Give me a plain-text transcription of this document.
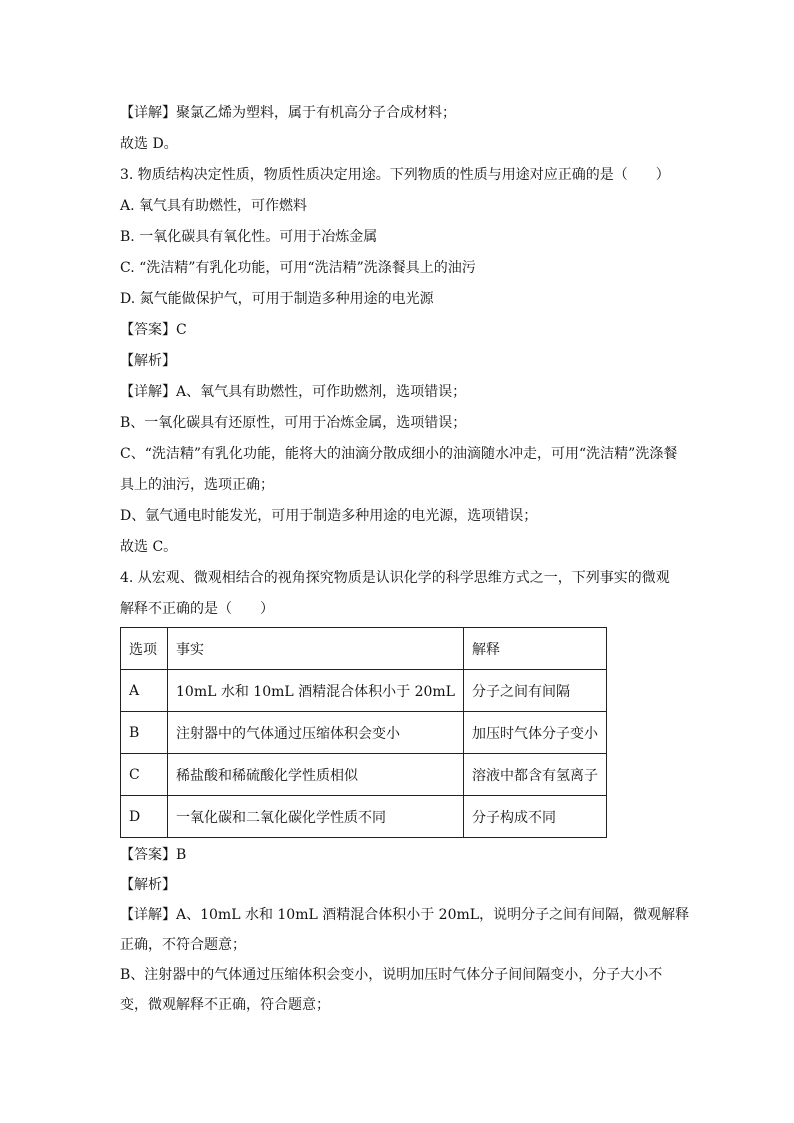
【详解】聚氯乙烯为塑料，属于有机高分子合成材料；
故选 D。
3. 物质结构决定性质，物质性质决定用途。下列物质的性质与用途对应正确的是（　　）
A. 氧气具有助燃性，可作燃料
B. 一氧化碳具有氧化性。可用于冶炼金属
C. “洗洁精”有乳化功能，可用“洗洁精”洗涤餐具上的油污
D. 氮气能做保护气，可用于制造多种用途的电光源
【答案】C
【解析】
【详解】A、氧气具有助燃性，可作助燃剂，选项错误；
B、一氧化碳具有还原性，可用于冶炼金属，选项错误；
C、“洗洁精”有乳化功能，能将大的油滴分散成细小的油滴随水冲走，可用“洗洁精”洗涤餐
具上的油污，选项正确；
D、氩气通电时能发光，可用于制造多种用途的电光源，选项错误；
故选 C。
4. 从宏观、微观相结合的视角探究物质是认识化学的科学思维方式之一，下列事实的微观
解释不正确的是（　　）
选项	事实	解释
A	10mL 水和 10mL 酒精混合体积小于 20mL	分子之间有间隔
B	注射器中的气体通过压缩体积会变小	加压时气体分子变小
C	稀盐酸和稀硫酸化学性质相似	溶液中都含有氢离子
D	一氧化碳和二氧化碳化学性质不同	分子构成不同
【答案】B
【解析】
【详解】A、10mL 水和 10mL 酒精混合体积小于 20mL，说明分子之间有间隔，微观解释
正确，不符合题意；
B、注射器中的气体通过压缩体积会变小，说明加压时气体分子间间隔变小，分子大小不
变，微观解释不正确，符合题意；
